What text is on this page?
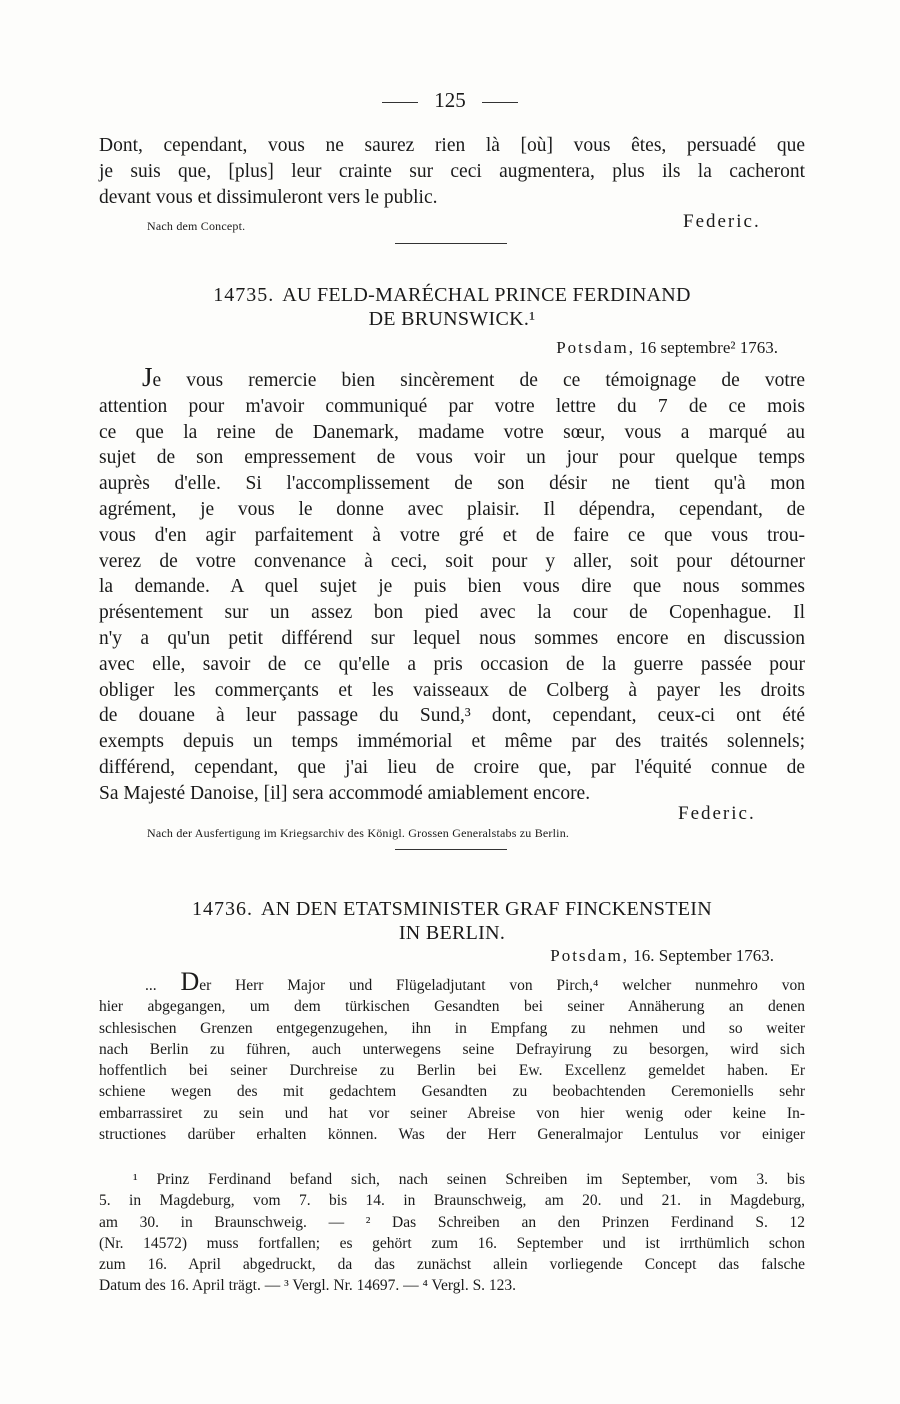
125
Dont, cependant, vous ne saurez rien là [où] vous êtes, persuadé que
je suis que, [plus] leur crainte sur ceci augmentera, plus ils la cacheront
devant vous et dissimuleront vers le public.
Nach dem Concept.	Federic.
14735. AU FELD-MARÉCHAL PRINCE FERDINAND
DE BRUNSWICK.¹
Potsdam, 16 septembre² 1763.
Je vous remercie bien sincèrement de ce témoignage de votre
attention pour m'avoir communiqué par votre lettre du 7 de ce mois
ce que la reine de Danemark, madame votre sœur, vous a marqué au
sujet de son empressement de vous voir un jour pour quelque temps
auprès d'elle. Si l'accomplissement de son désir ne tient qu'à mon
agrément, je vous le donne avec plaisir. Il dépendra, cependant, de
vous d'en agir parfaitement à votre gré et de faire ce que vous trou-
verez de votre convenance à ceci, soit pour y aller, soit pour détourner
la demande. A quel sujet je puis bien vous dire que nous sommes
présentement sur un assez bon pied avec la cour de Copenhague. Il
n'y a qu'un petit différend sur lequel nous sommes encore en discussion
avec elle, savoir de ce qu'elle a pris occasion de la guerre passée pour
obliger les commerçants et les vaisseaux de Colberg à payer les droits
de douane à leur passage du Sund,³ dont, cependant, ceux-ci ont été
exempts depuis un temps immémorial et même par des traités solennels;
différend, cependant, que j'ai lieu de croire que, par l'équité connue de
Sa Majesté Danoise, [il] sera accommodé amiablement encore.
Federic.
Nach der Ausfertigung im Kriegsarchiv des Königl. Grossen Generalstabs zu Berlin.
14736. AN DEN ETATSMINISTER GRAF FINCKENSTEIN
IN BERLIN.
Potsdam, 16. September 1763.
... Der Herr Major und Flügeladjutant von Pirch,⁴ welcher nunmehro von
hier abgegangen, um dem türkischen Gesandten bei seiner Annäherung an denen
schlesischen Grenzen entgegenzugehen, ihn in Empfang zu nehmen und so weiter
nach Berlin zu führen, auch unterwegens seine Defrayirung zu besorgen, wird sich
hoffentlich bei seiner Durchreise zu Berlin bei Ew. Excellenz gemeldet haben. Er
schiene wegen des mit gedachtem Gesandten zu beobachtenden Ceremoniells sehr
embarrassiret zu sein und hat vor seiner Abreise von hier wenig oder keine In-
structiones darüber erhalten können. Was der Herr Generalmajor Lentulus vor einiger
¹ Prinz Ferdinand befand sich, nach seinen Schreiben im September, vom 3. bis
5. in Magdeburg, vom 7. bis 14. in Braunschweig, am 20. und 21. in Magdeburg,
am 30. in Braunschweig. — ² Das Schreiben an den Prinzen Ferdinand S. 12
(Nr. 14572) muss fortfallen; es gehört zum 16. September und ist irrthümlich schon
zum 16. April abgedruckt, da das zunächst allein vorliegende Concept das falsche
Datum des 16. April trägt. — ³ Vergl. Nr. 14697. — ⁴ Vergl. S. 123.
